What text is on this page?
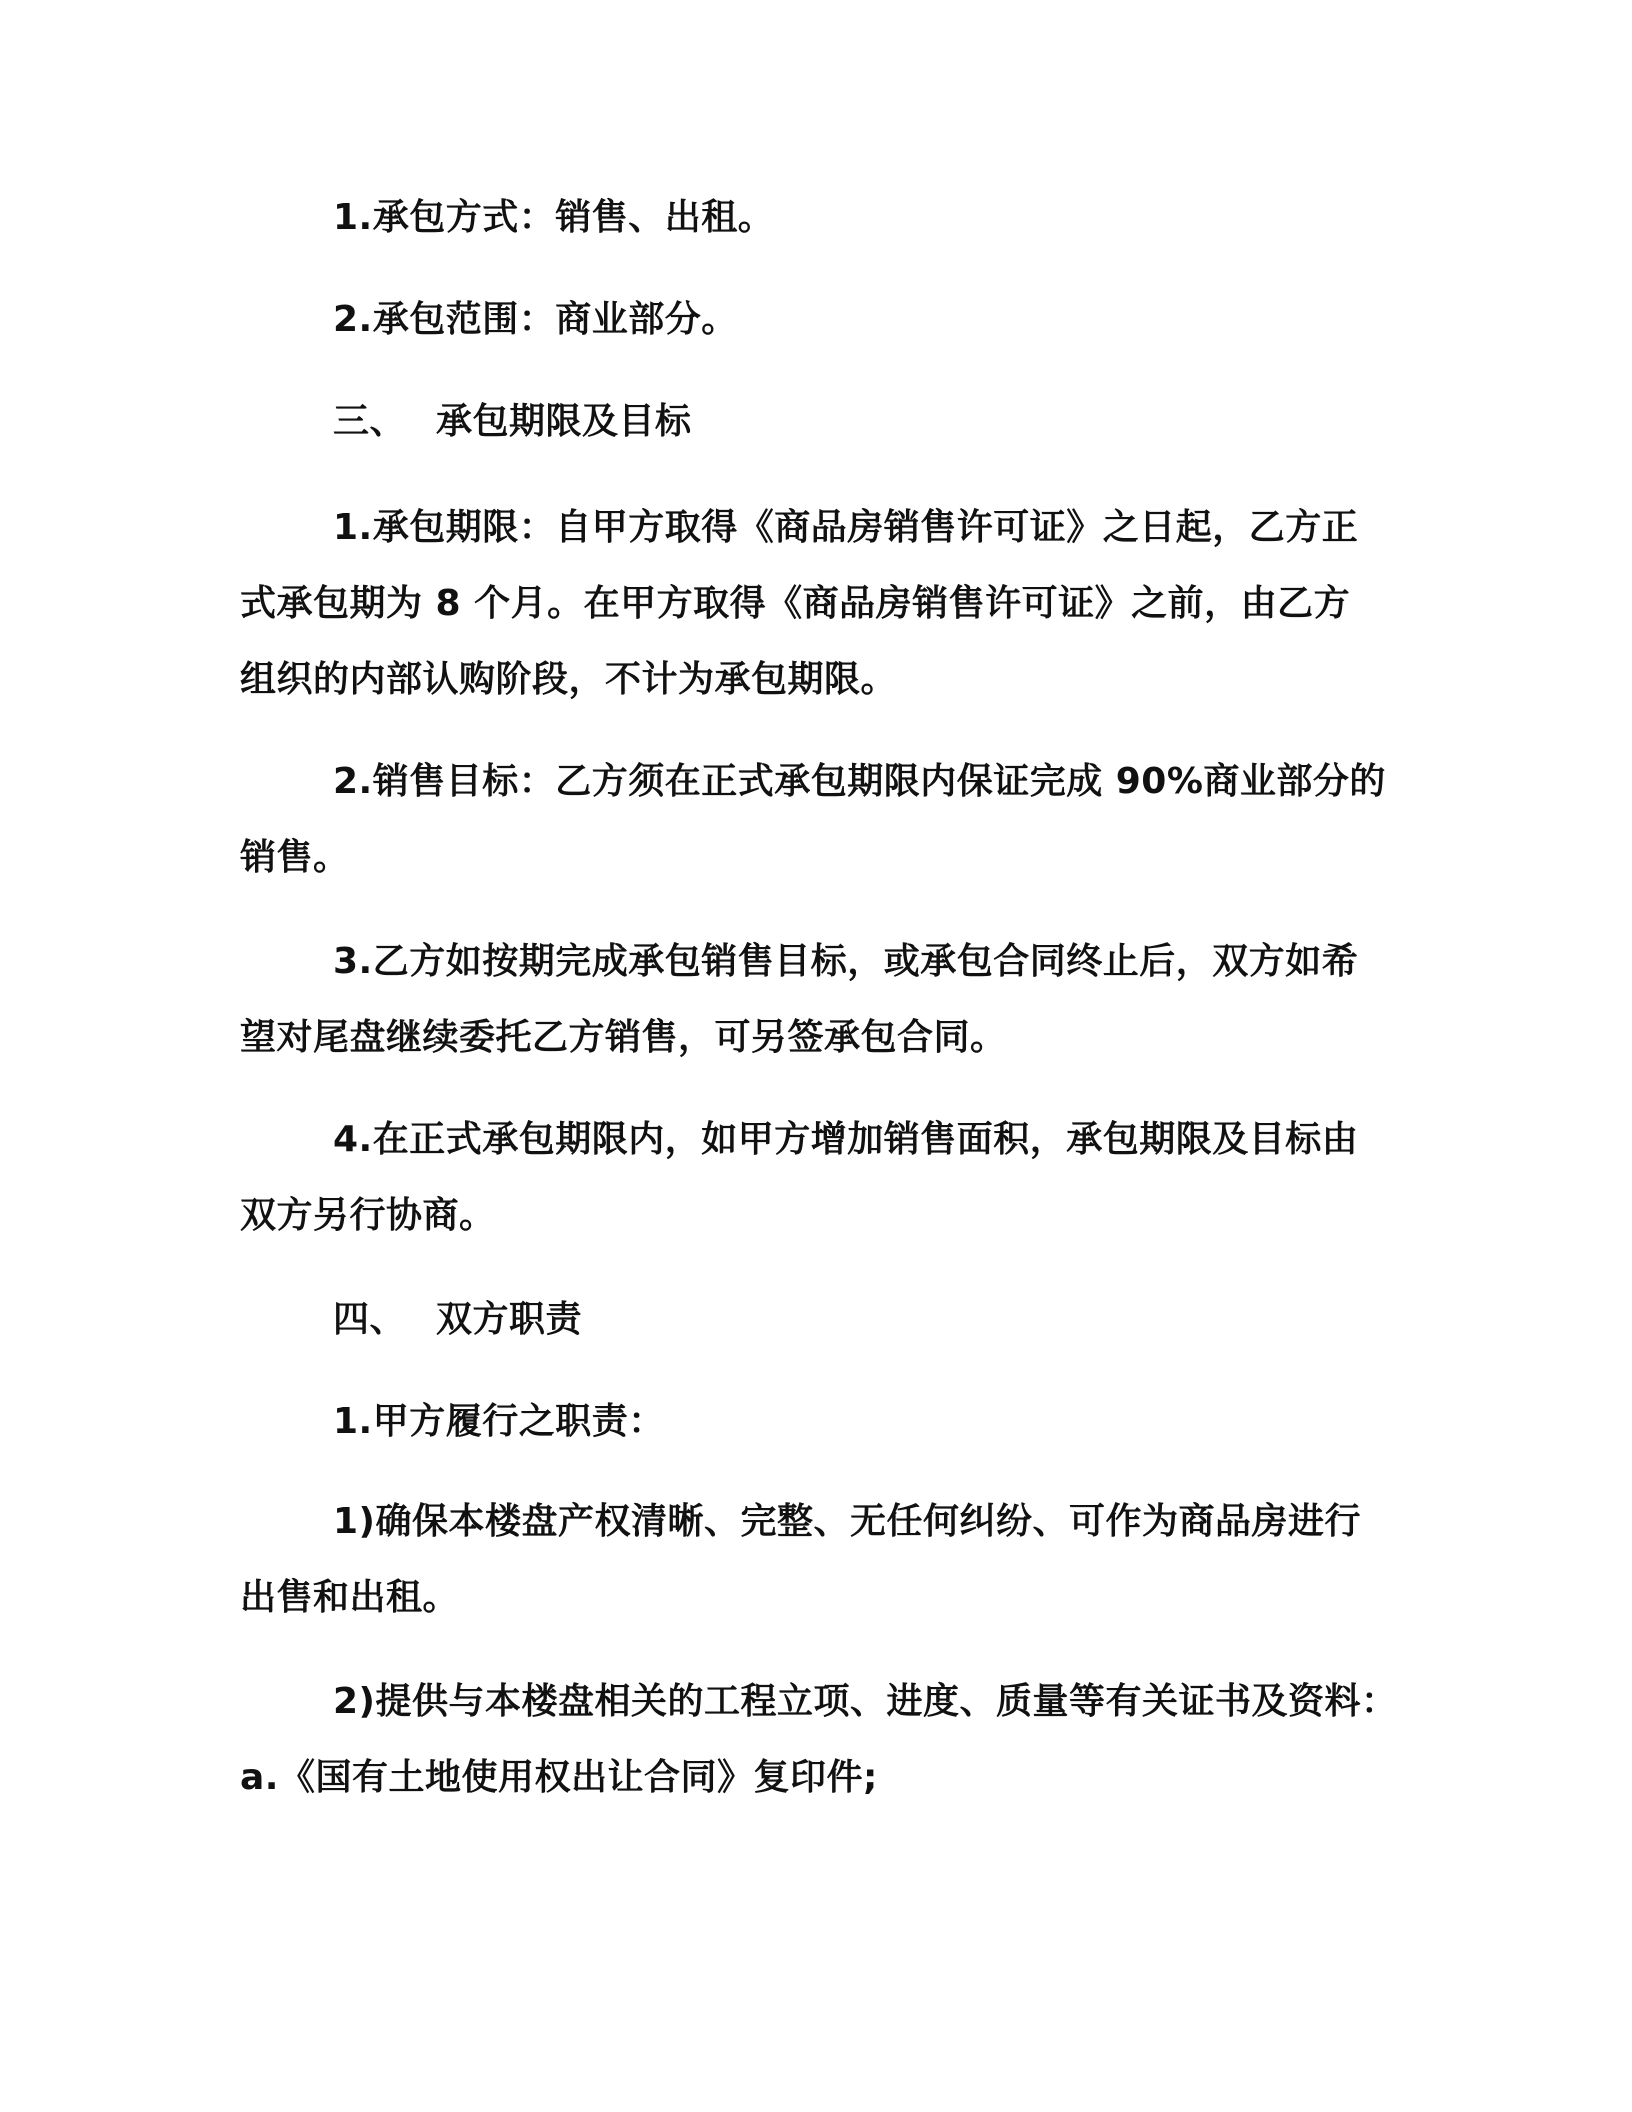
1.承包方式：销售、出租。
2.承包范围：商业部分。
三、 承包期限及目标
1.承包期限：自甲方取得《商品房销售许可证》之日起，乙方正
式承包期为 8 个月。在甲方取得《商品房销售许可证》之前，由乙方
组织的内部认购阶段，不计为承包期限。
2.销售目标：乙方须在正式承包期限内保证完成 90%商业部分的
销售。
3.乙方如按期完成承包销售目标，或承包合同终止后，双方如希
望对尾盘继续委托乙方销售，可另签承包合同。
4.在正式承包期限内，如甲方增加销售面积，承包期限及目标由
双方另行协商。
四、 双方职责
1.甲方履行之职责：
1)确保本楼盘产权清晰、完整、无任何纠纷、可作为商品房进行
出售和出租。
2)提供与本楼盘相关的工程立项、进度、质量等有关证书及资料：
a.《国有土地使用权出让合同》复印件;
